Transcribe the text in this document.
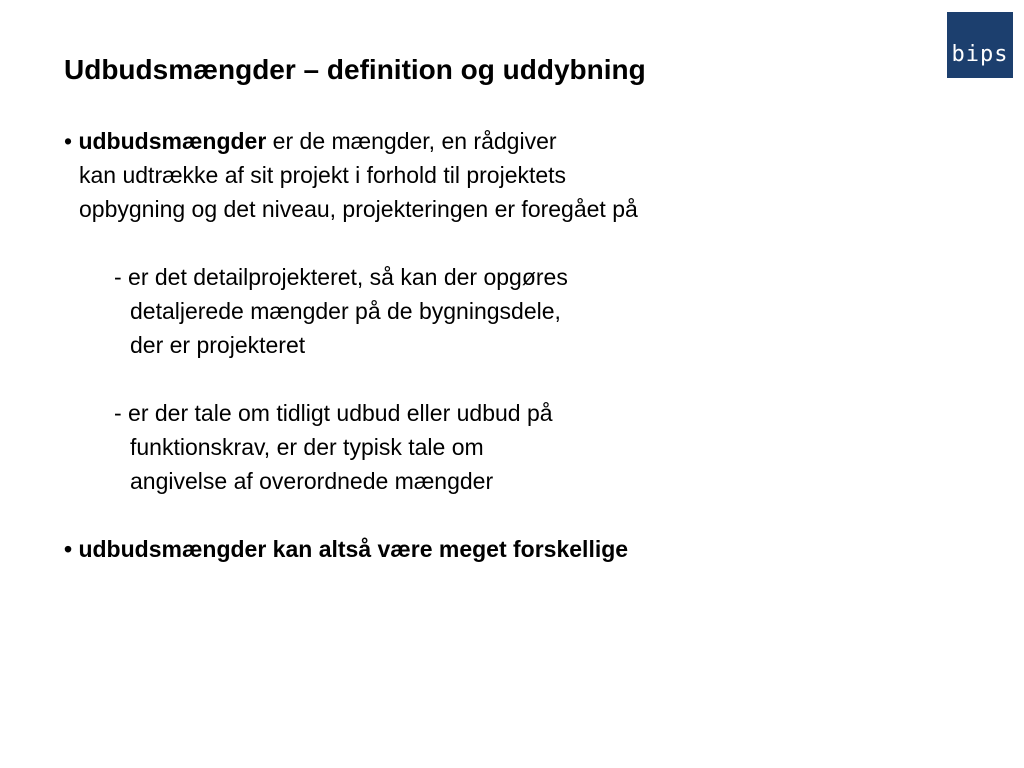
bips
Udbudsmængder – definition og uddybning
• udbudsmængder er de mængder, en rådgiver
kan udtrække af sit projekt i forhold til projektets
opbygning og det niveau, projekteringen er foregået på
- er det detailprojekteret, så kan der opgøres
detaljerede mængder på de bygningsdele,
der er projekteret
- er der tale om tidligt udbud eller udbud på
funktionskrav, er der typisk tale om
angivelse af overordnede mængder
• udbudsmængder kan altså være meget forskellige
